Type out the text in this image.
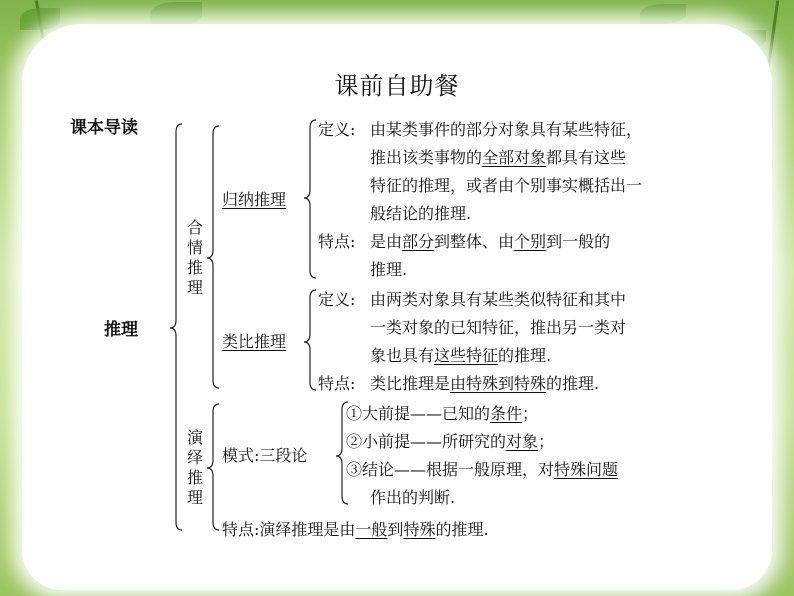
课前自助餐
课本导读
推理
合
情
推
理
演
绎
推
理
归纳推理
定义: 由某类事件的部分对象具有某些特征，
推出该类事物的全部对象都具有这些
特征的推理，或者由个别事实概括出一
般结论的推理.
特点: 是由部分到整体、由个别到一般的
推理.
类比推理
定义: 由两类对象具有某些类似特征和其中
一类对象的已知特征，推出另一类对
象也具有这些特征的推理.
特点: 类比推理是由特殊到特殊的推理.
模式:三段论
①大前提——已知的条件；
②小前提——所研究的对象；
③结论——根据一般原理，对特殊问题
作出的判断.
特点:演绎推理是由一般到特殊的推理.
